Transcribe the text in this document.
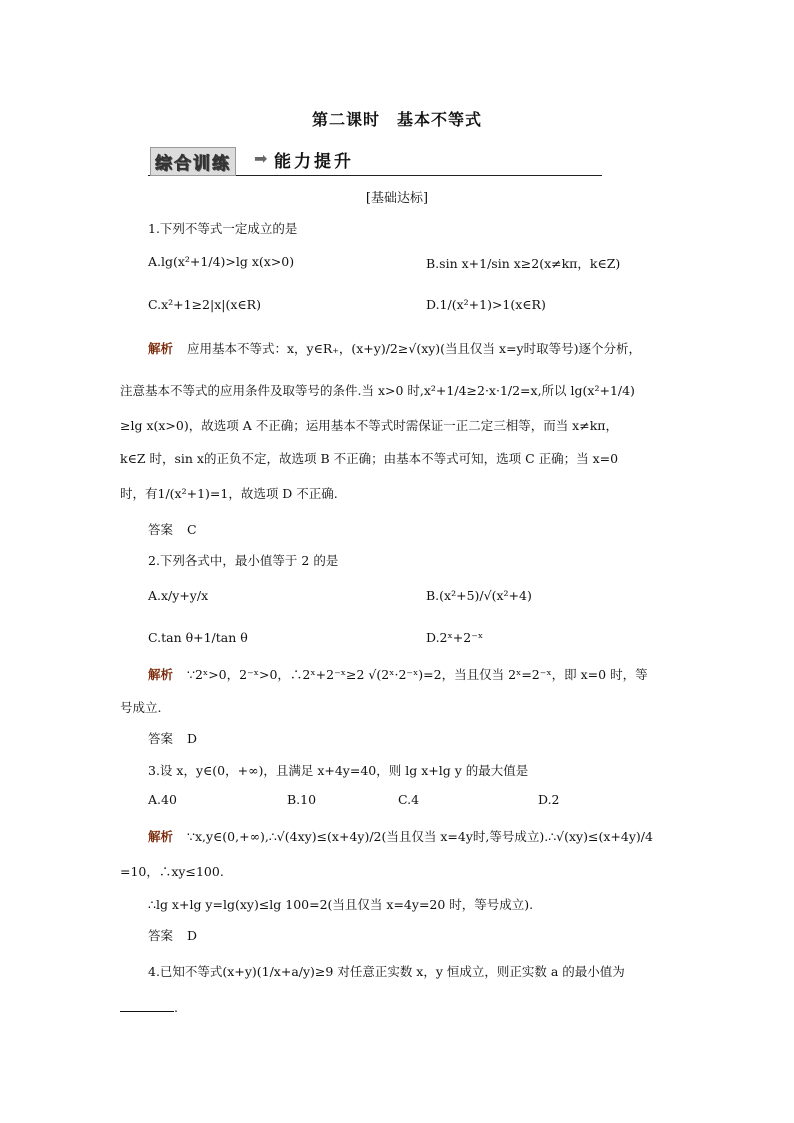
第二课时　基本不等式
综合训练	➡ 能力提升
[基础达标]
1.下列不等式一定成立的是
A.lg(x²+1/4)>lg x(x>0)	B.sin x+1/sin x≥2(x≠kπ，k∈Z)
C.x²+1≥2|x|(x∈R)	D.1/(x²+1)>1(x∈R)
解析 应用基本不等式：x，y∈R₊，(x+y)/2≥√(xy)(当且仅当 x=y时取等号)逐个分析，
注意基本不等式的应用条件及取等号的条件.当 x>0 时,x²+1/4≥2·x·1/2=x,所以 lg(x²+1/4)
≥lg x(x>0)，故选项 A 不正确；运用基本不等式时需保证一正二定三相等，而当 x≠kπ，
k∈Z 时，sin x的正负不定，故选项 B 不正确；由基本不等式可知，选项 C 正确；当 x=0
时，有1/(x²+1)=1，故选项 D 不正确.
答案 C
2.下列各式中，最小值等于 2 的是
A.x/y+y/x	B.(x²+5)/√(x²+4)
C.tan θ+1/tan θ	D.2ˣ+2⁻ˣ
解析 ∵2ˣ>0，2⁻ˣ>0，∴2ˣ+2⁻ˣ≥2 √(2ˣ·2⁻ˣ)=2，当且仅当 2ˣ=2⁻ˣ，即 x=0 时，等
号成立.
答案 D
3.设 x，y∈(0，+∞)，且满足 x+4y=40，则 lg x+lg y 的最大值是
A.40	B.10	C.4	D.2
解析 ∵x,y∈(0,+∞),∴√(4xy)≤(x+4y)/2(当且仅当 x=4y时,等号成立).∴√(xy)≤(x+4y)/4
=10，∴xy≤100.
∴lg x+lg y=lg(xy)≤lg 100=2(当且仅当 x=4y=20 时，等号成立).
答案 D
4.已知不等式(x+y)(1/x+a/y)≥9 对任意正实数 x，y 恒成立，则正实数 a 的最小值为
.
